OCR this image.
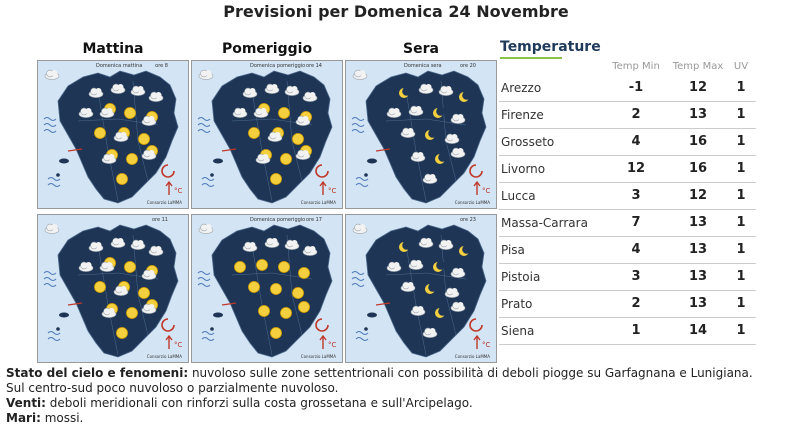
Previsioni per Domenica 24 Novembre
Mattina	Pomeriggio	Sera
°C
Domenica mattina	ore 8
Consorzio LaMMA
°C
Domenica pomeriggio ore 14
Consorzio LaMMA
°C
Domenica sera	ore 20
Consorzio LaMMA
°C
ore 11
Consorzio LaMMA
°C
Domenica pomeriggio ore 17
Consorzio LaMMA
°C
ore 23
Consorzio LaMMA
Temperature
Temp Min	Temp Max	UV
Arezzo	-1	12	1
Firenze	2	13	1
Grosseto	4	16	1
Livorno	12	16	1
Lucca	3	12	1
Massa-Carrara	7	13	1
Pisa	4	13	1
Pistoia	3	13	1
Prato	2	13	1
Siena	1	14	1
Stato del cielo e fenomeni: nuvoloso sulle zone settentrionali con possibilità di deboli piogge su Garfagnana e Lunigiana. Sul centro-sud poco nuvoloso o parzialmente nuvoloso.
Venti: deboli meridionali con rinforzi sulla costa grossetana e sull'Arcipelago.
Mari: mossi.
